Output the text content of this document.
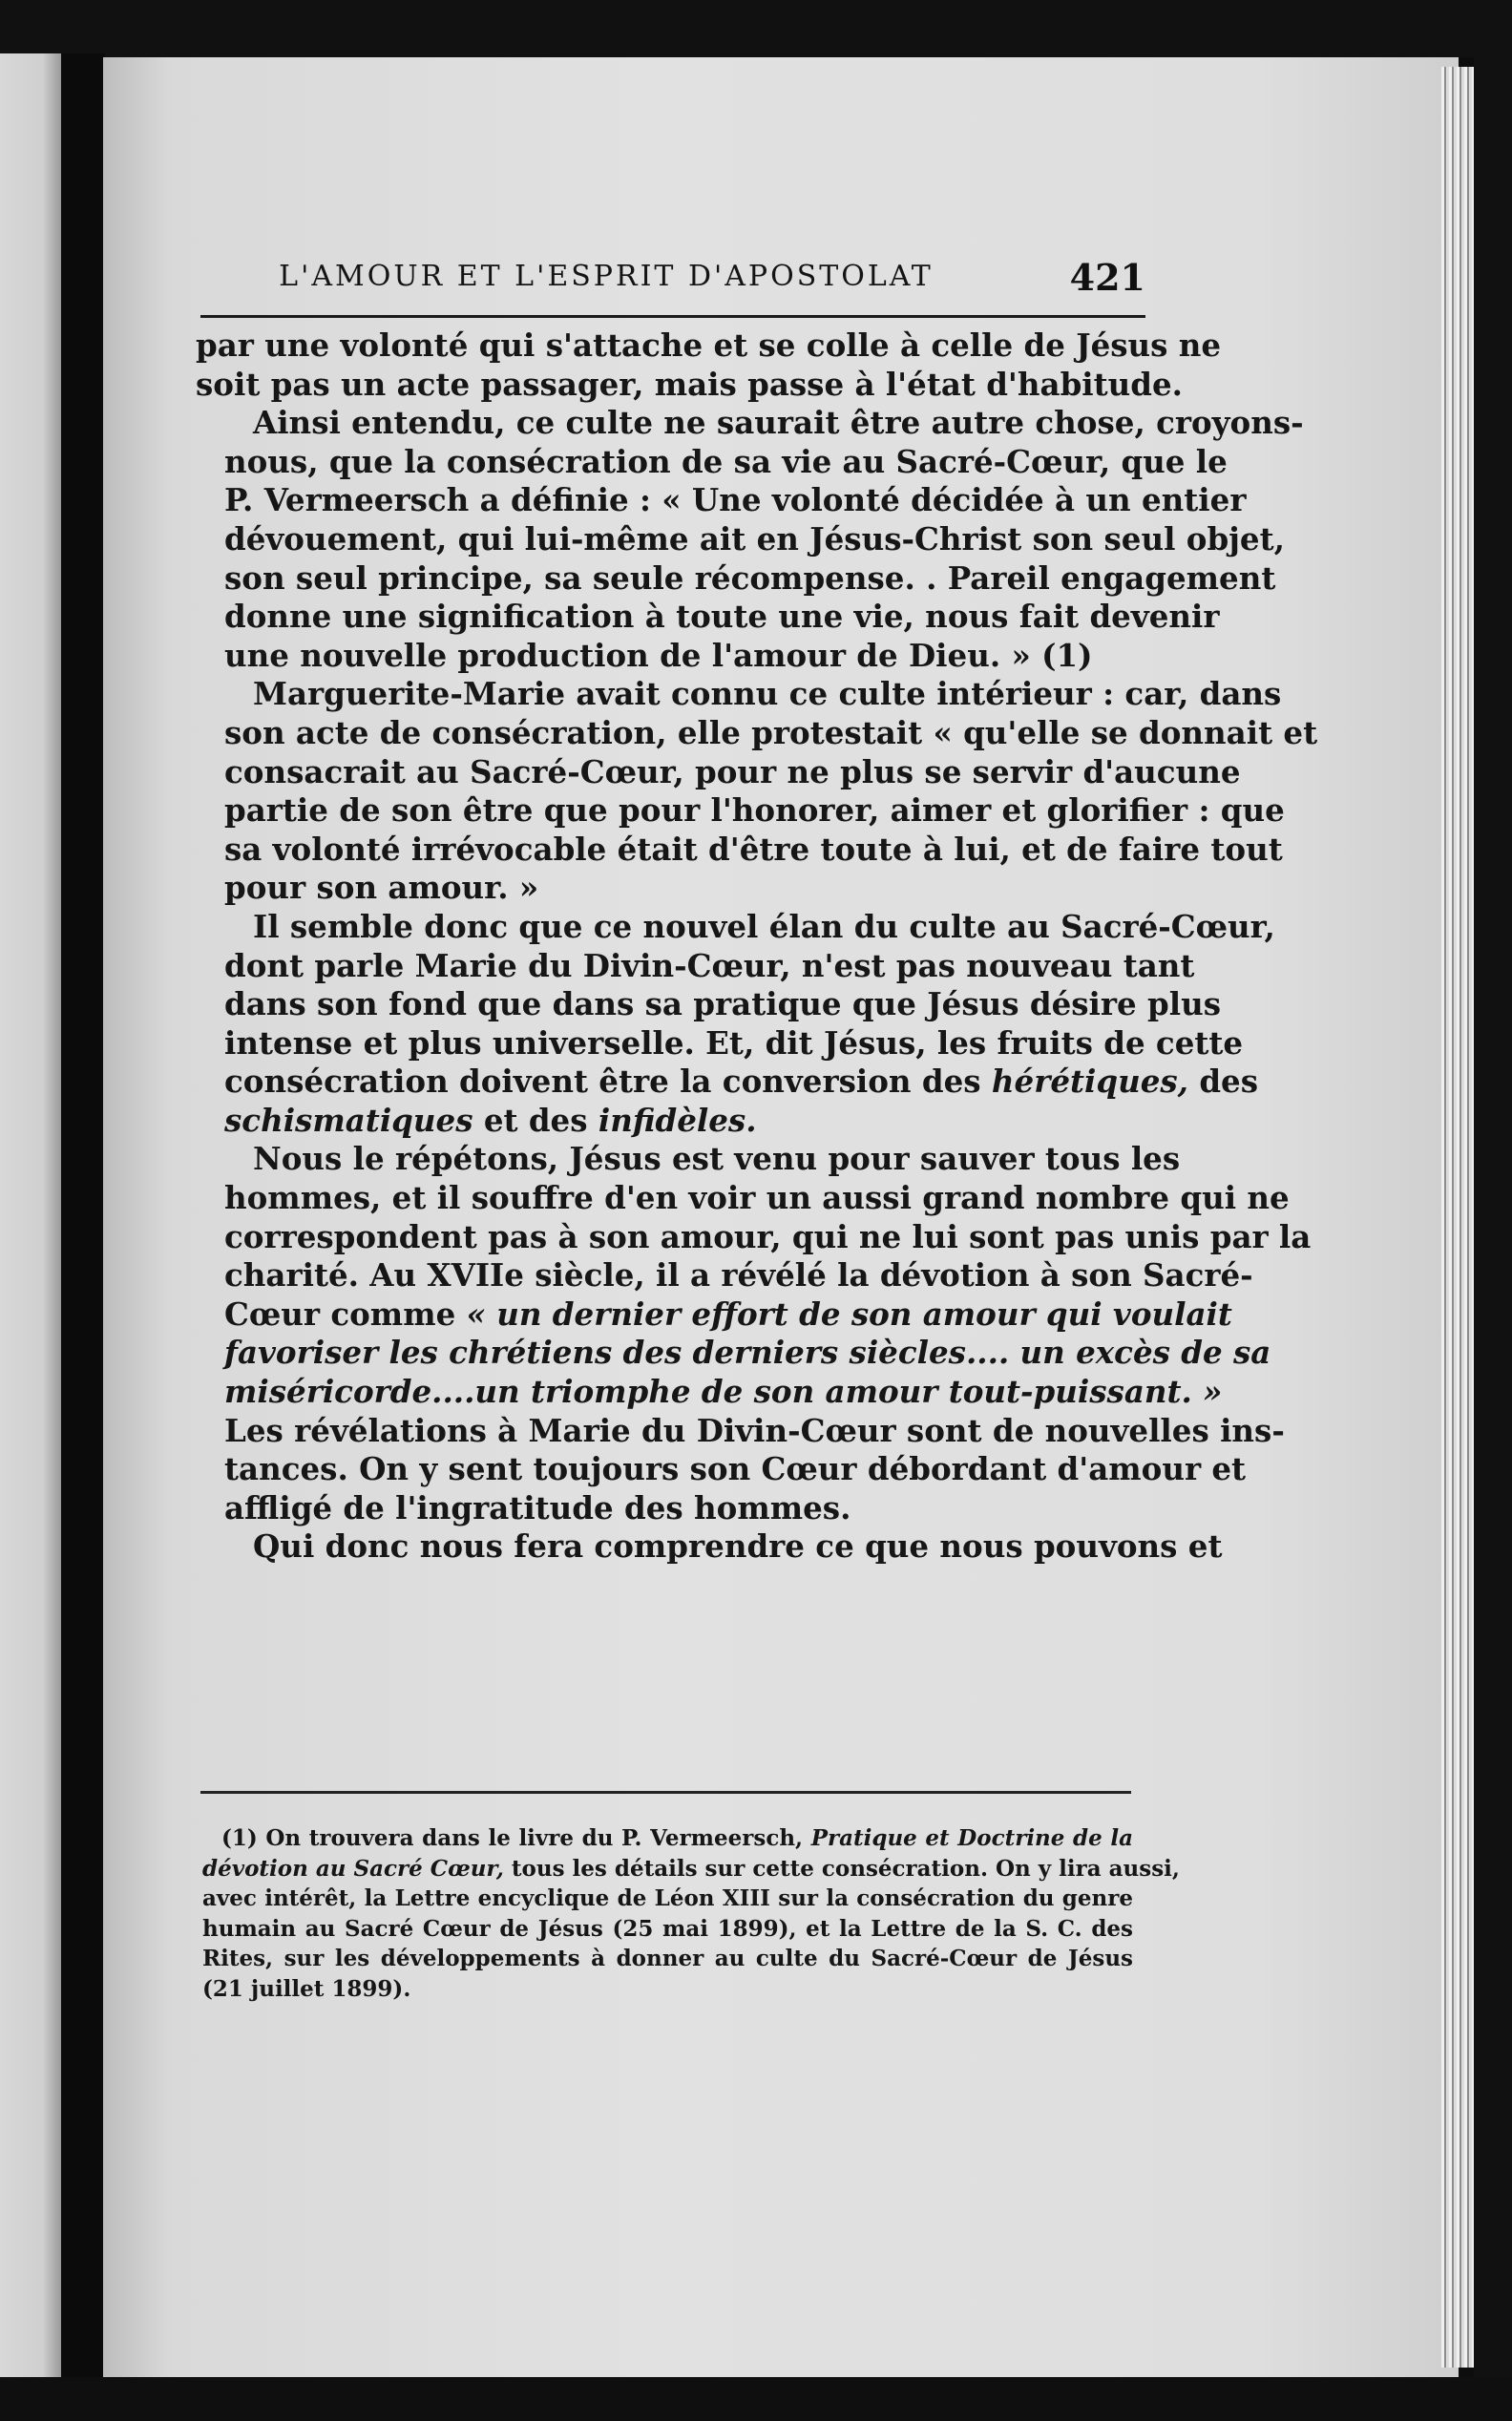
L'AMOUR ET L'ESPRIT D'APOSTOLAT	421
par une volonté qui s'attache et se colle à celle de Jésus ne
soit pas un acte passager, mais passe à l'état d'habitude.
Ainsi entendu, ce culte ne saurait être autre chose, croyons-
nous, que la consécration de sa vie au Sacré-Cœur, que le
P. Vermeersch a définie : « Une volonté décidée à un entier
dévouement, qui lui-même ait en Jésus-Christ son seul objet,
son seul principe, sa seule récompense. . Pareil engagement
donne une signification à toute une vie, nous fait devenir
une nouvelle production de l'amour de Dieu. » (1)
Marguerite-Marie avait connu ce culte intérieur : car, dans
son acte de consécration, elle protestait « qu'elle se donnait et
consacrait au Sacré-Cœur, pour ne plus se servir d'aucune
partie de son être que pour l'honorer, aimer et glorifier : que
sa volonté irrévocable était d'être toute à lui, et de faire tout
pour son amour. »
Il semble donc que ce nouvel élan du culte au Sacré-Cœur,
dont parle Marie du Divin-Cœur, n'est pas nouveau tant
dans son fond que dans sa pratique que Jésus désire plus
intense et plus universelle. Et, dit Jésus, les fruits de cette
consécration doivent être la conversion des hérétiques, des
schismatiques et des infidèles.
Nous le répétons, Jésus est venu pour sauver tous les
hommes, et il souffre d'en voir un aussi grand nombre qui ne
correspondent pas à son amour, qui ne lui sont pas unis par la
charité. Au XVIIe siècle, il a révélé la dévotion à son Sacré-
Cœur comme « un dernier effort de son amour qui voulait
favoriser les chrétiens des derniers siècles.... un excès de sa
miséricorde....un triomphe de son amour tout-puissant. »
Les révélations à Marie du Divin-Cœur sont de nouvelles ins-
tances. On y sent toujours son Cœur débordant d'amour et
affligé de l'ingratitude des hommes.
Qui donc nous fera comprendre ce que nous pouvons et
(1) On trouvera dans le livre du P. Vermeersch, Pratique et Doctrine de la
dévotion au Sacré Cœur, tous les détails sur cette consécration. On y lira aussi,
avec intérêt, la Lettre encyclique de Léon XIII sur la consécration du genre
humain au Sacré Cœur de Jésus (25 mai 1899), et la Lettre de la S. C. des
Rites, sur les développements à donner au culte du Sacré-Cœur de Jésus
(21 juillet 1899).
